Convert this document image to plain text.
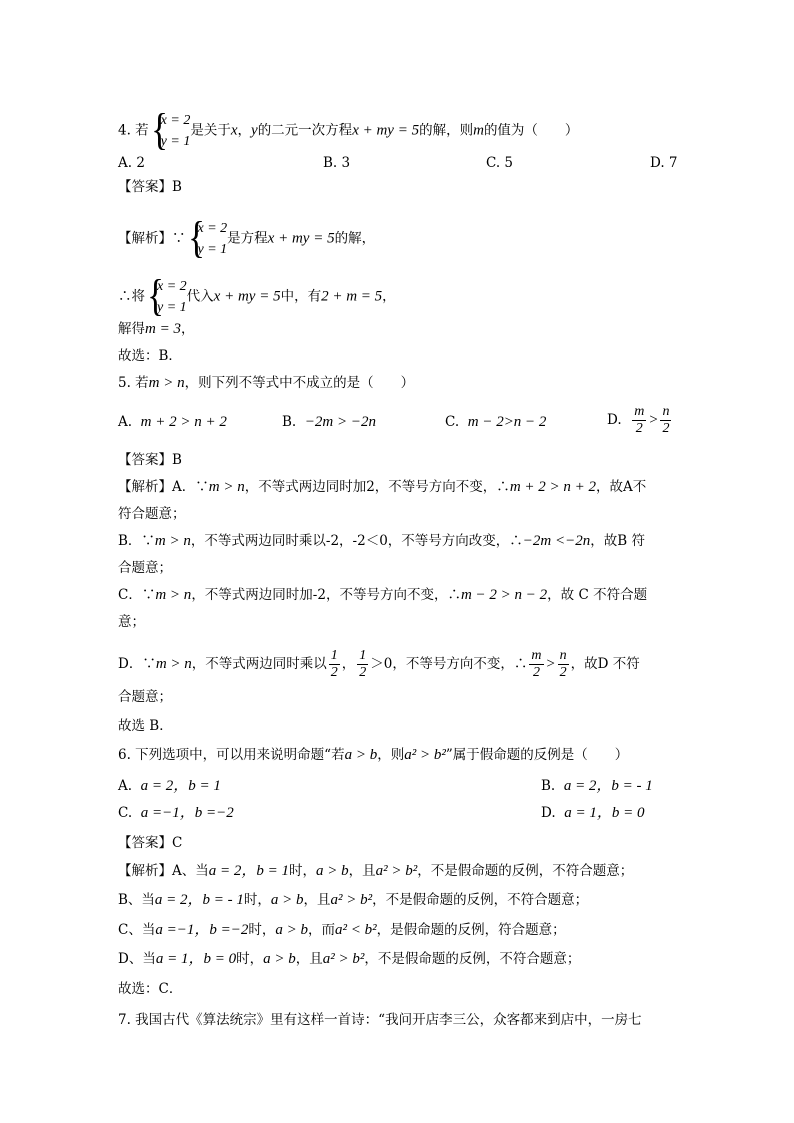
4. 若 {
x = 2
y = 1是关于x，y的二元一次方程x + my = 5的解，则m的值为（　　）
A. 2	B. 3	C. 5	D. 7
【答案】B
【解析】∵ {
x = 2
y = 1是方程x + my = 5的解，
∴将 {
x = 2
y = 1代入x + my = 5中，有2 + m = 5，
解得m = 3，
故选：B．
5. 若m > n，则下列不等式中不成立的是（　　）
A. m + 2 > n + 2	B. −2m > −2n	C. m − 2>n − 2	D. $\frac{m}{2} > \frac{n}{2}$
【答案】B
【解析】A．∵m > n，不等式两边同时加2，不等号方向不变，∴m + 2 > n + 2，故A不
符合题意；
B．∵m > n，不等式两边同时乘以-2，-2＜0，不等号方向改变，∴−2m <−2n，故B 符
合题意；
C．∵m > n，不等式两边同时加-2，不等号方向不变，∴m − 2 > n − 2，故 C 不符合题
意；
D．∵m > n，不等式两边同时乘以 $\frac{1}{2}$ ， $\frac{1}{2} >0$，不等号方向不变，∴ $\frac{m}{2} > \frac{n}{2}$ ，故D 不符
合题意；
故选 B．
6. 下列选项中，可以用来说明命题“若a > b，则a² > b²”属于假命题的反例是（　　）
A. a = 2，b = 1	B. a = 2，b = - 1
C. a =−1，b =−2	D. a = 1，b = 0
【答案】C
【解析】A、当a = 2，b = 1时，a > b，且a² > b²，不是假命题的反例，不符合题意；
B、当a = 2，b = - 1时，a > b，且a² > b²，不是假命题的反例，不符合题意；
C、当a =−1，b =−2时，a > b，而a² < b²，是假命题的反例，符合题意；
D、当a = 1，b = 0时，a > b，且a² > b²，不是假命题的反例，不符合题意；
故选：C．
7. 我国古代《算法统宗》里有这样一首诗：“我问开店李三公，众客都来到店中，一房七
